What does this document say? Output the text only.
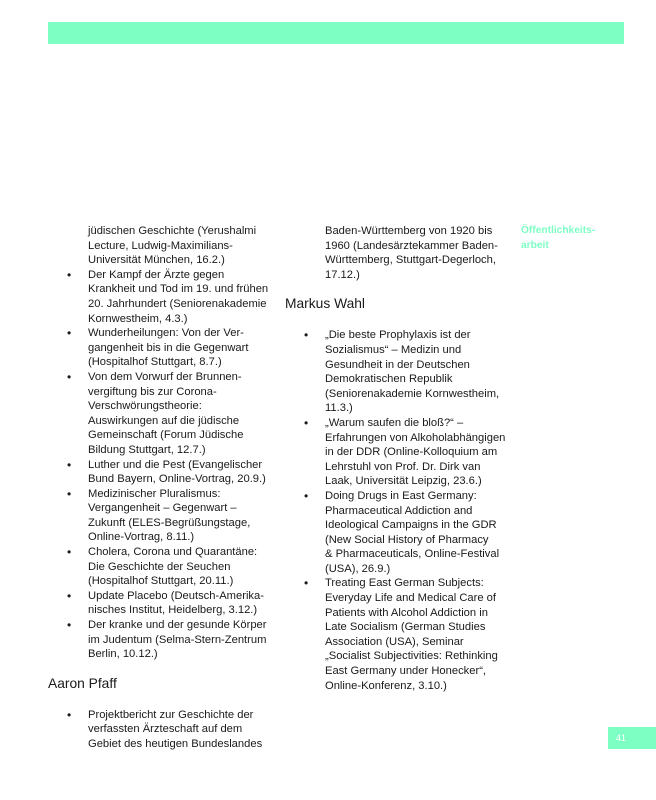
jüdischen Geschichte (Yerushalmi
Lecture, Ludwig-Maximilians-
Universität München, 16.2.)
• Der Kampf der Ärzte gegen
Krankheit und Tod im 19. und frühen
20. Jahrhundert (Seniorenakademie
Kornwestheim, 4.3.)
• Wunderheilungen: Von der Ver-
gangenheit bis in die Gegenwart
(Hospitalhof Stuttgart, 8.7.)
• Von dem Vorwurf der Brunnen-
vergiftung bis zur Corona-
Verschwörungstheorie:
Auswirkungen auf die jüdische
Gemeinschaft (Forum Jüdische
Bildung Stuttgart, 12.7.)
• Luther und die Pest (Evangelischer
Bund Bayern, Online-Vortrag, 20.9.)
• Medizinischer Pluralismus:
Vergangenheit – Gegenwart –
Zukunft (ELES-Begrüßungstage,
Online-Vortrag, 8.11.)
• Cholera, Corona und Quarantäne:
Die Geschichte der Seuchen
(Hospitalhof Stuttgart, 20.11.)
• Update Placebo (Deutsch-Amerika-
nisches Institut, Heidelberg, 3.12.)
• Der kranke und der gesunde Körper
im Judentum (Selma-Stern-Zentrum
Berlin, 10.12.)
Aaron Pfaff
• Projektbericht zur Geschichte der
verfassten Ärzteschaft auf dem
Gebiet des heutigen Bundeslandes
Baden-Württemberg von 1920 bis
1960 (Landesärztekammer Baden-
Württemberg, Stuttgart-Degerloch,
17.12.)
Markus Wahl
• „Die beste Prophylaxis ist der
Sozialismus“ – Medizin und
Gesundheit in der Deutschen
Demokratischen Republik
(Seniorenakademie Kornwestheim,
11.3.)
• „Warum saufen die bloß?“ –
Erfahrungen von Alkoholabhängigen
in der DDR (Online-Kolloquium am
Lehrstuhl von Prof. Dr. Dirk van
Laak, Universität Leipzig, 23.6.)
• Doing Drugs in East Germany:
Pharmaceutical Addiction and
Ideological Campaigns in the GDR
(New Social History of Pharmacy
& Pharmaceuticals, Online-Festival
(USA), 26.9.)
• Treating East German Subjects:
Everyday Life and Medical Care of
Patients with Alcohol Addiction in
Late Socialism (German Studies
Association (USA), Seminar
„Socialist Subjectivities: Rethinking
East Germany under Honecker“,
Online-Konferenz, 3.10.)
Öffentlichkeits-
arbeit
41
